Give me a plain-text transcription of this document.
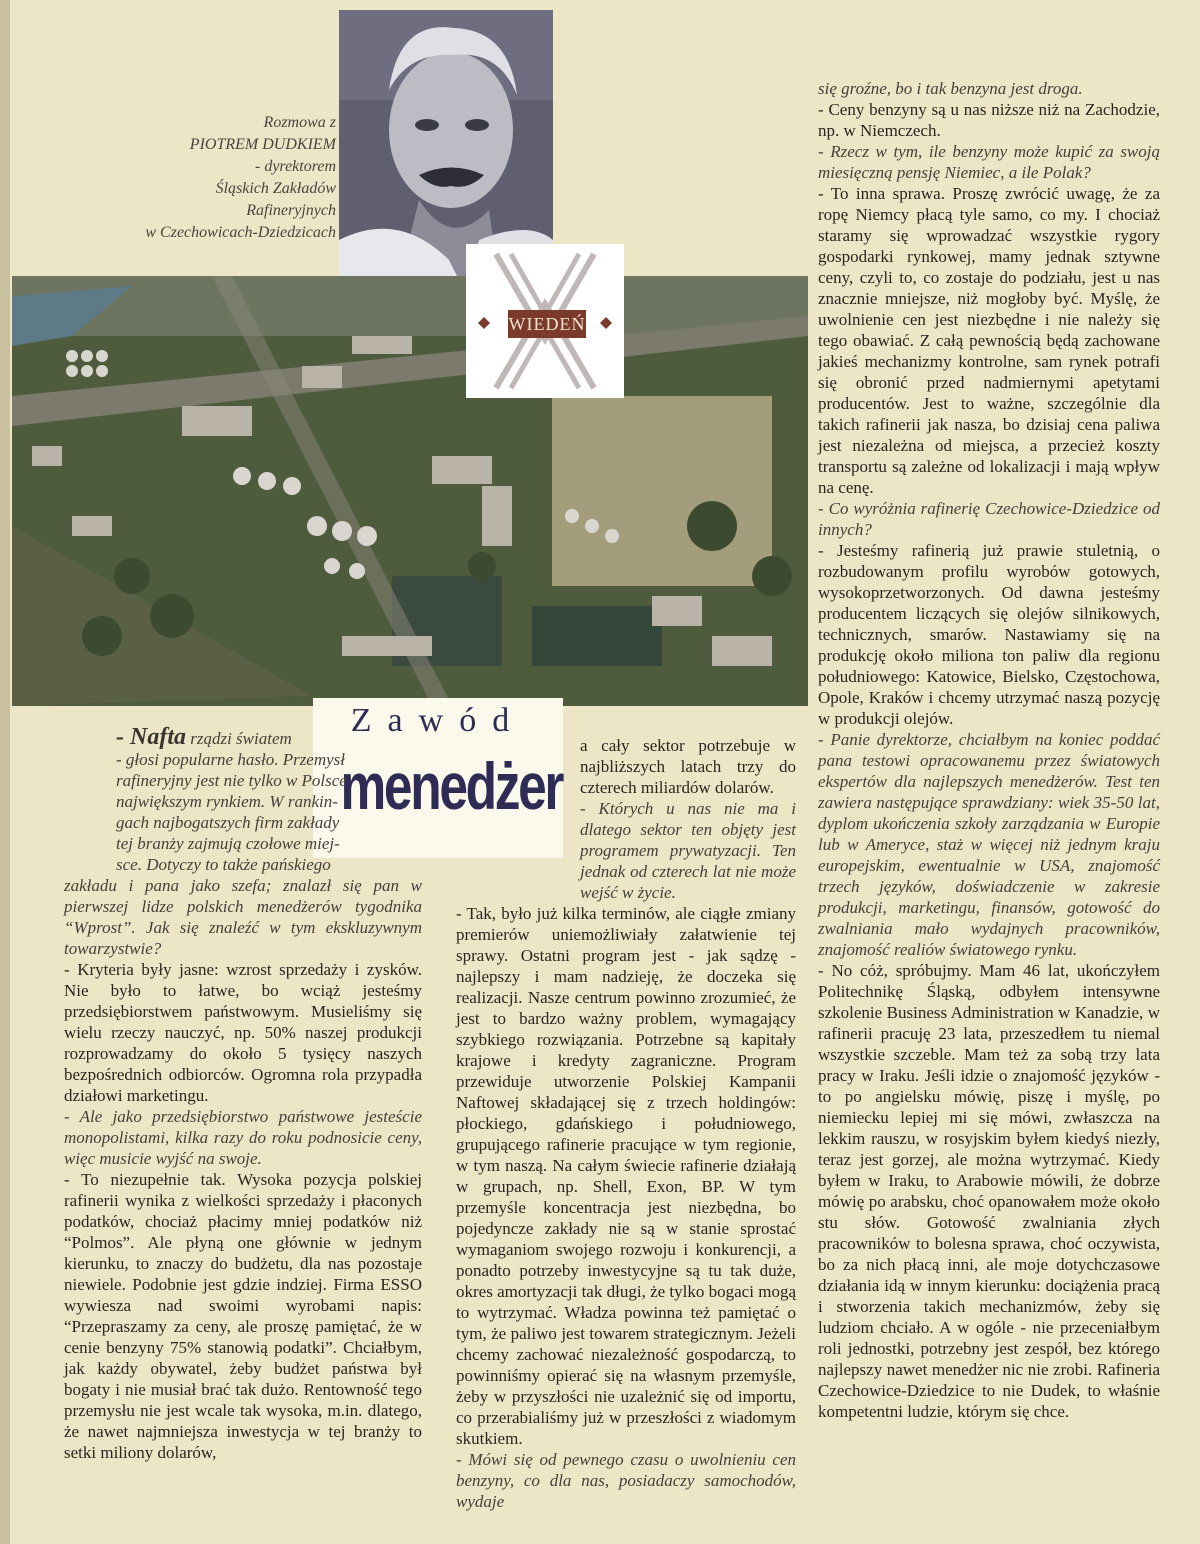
Rozmowa z

PIOTREM DUDKIEM

- dyrektorem

Śląskich Zakładów

Rafineryjnych

w Czechowicach-Dziedzicach

WIEDEŃ
Zawód
menedżer

- Nafta rządzi światem

- głosi popularne hasło. Przemysł

rafineryjny jest nie tylko w Polsce

największym rynkiem. W rankin-

gach najbogatszych firm zakłady

tej branży zajmują czołowe miej-

sce. Dotyczy to także pańskiego

zakładu i pana jako szefa; znalazł się pan w pierwszej lidze polskich menedżerów tygodnika “Wprost”. Jak się znaleźć w tym ekskluzywnym towarzystwie?

- Kryteria były jasne: wzrost sprzedaży i zysków. Nie było to łatwe, bo wciąż jesteśmy przedsiębiorstwem państwowym. Musieliśmy się wielu rzeczy nauczyć, np. 50% naszej produkcji rozprowadzamy do około 5 tysięcy naszych bezpośrednich odbiorców. Ogromna rola przypadła działowi marketingu.

- Ale jako przedsiębiorstwo państwowe jesteście monopolistami, kilka razy do roku podnosicie ceny, więc musicie wyjść na swoje.

- To niezupełnie tak. Wysoka pozycja polskiej rafinerii wynika z wielkości sprzedaży i płaconych podatków, chociaż płacimy mniej podatków niż “Polmos”. Ale płyną one głównie w jednym kierunku, to znaczy do budżetu, dla nas pozostaje niewiele. Podobnie jest gdzie indziej. Firma ESSO wywiesza nad swoimi wyrobami napis: “Przepraszamy za ceny, ale proszę pamiętać, że w cenie benzyny 75% stanowią podatki”. Chciałbym, jak każdy obywatel, żeby budżet państwa był bogaty i nie musiał brać tak dużo. Rentowność tego przemysłu nie jest wcale tak wysoka, m.in. dlatego, że nawet najmniejsza inwestycja w tej branży to setki miliony dolarów,

a cały sektor potrzebuje w najbliższych latach trzy do czterech miliardów dolarów.

- Których u nas nie ma i dlatego sektor ten objęty jest programem prywatyzacji. Ten jednak od czterech lat nie może wejść w życie.

- Tak, było już kilka terminów, ale ciągłe zmiany premierów uniemożliwiały załatwienie tej sprawy. Ostatni program jest - jak sądzę - najlepszy i mam nadzieję, że doczeka się realizacji. Nasze centrum powinno zrozumieć, że jest to bardzo ważny problem, wymagający szybkiego rozwiązania. Potrzebne są kapitały krajowe i kredyty zagraniczne. Program przewiduje utworzenie Polskiej Kampanii Naftowej składającej się z trzech holdingów: płockiego, gdańskiego i południowego, grupującego rafinerie pracujące w tym regionie, w tym naszą. Na całym świecie rafinerie działają w grupach, np. Shell, Exon, BP. W tym przemyśle koncentracja jest niezbędna, bo pojedyncze zakłady nie są w stanie sprostać wymaganiom swojego rozwoju i konkurencji, a ponadto potrzeby inwestycyjne są tu tak duże, okres amortyzacji tak długi, że tylko bogaci mogą to wytrzymać. Władza powinna też pamiętać o tym, że paliwo jest towarem strategicznym. Jeżeli chcemy zachować niezależność gospodarczą, to powinniśmy opierać się na własnym przemyśle, żeby w przyszłości nie uzależnić się od importu, co przerabialiśmy już w przeszłości z wiadomym skutkiem.

- Mówi się od pewnego czasu o uwolnieniu cen benzyny, co dla nas, posiadaczy samochodów, wydaje

się groźne, bo i tak benzyna jest droga.

- Ceny benzyny są u nas niższe niż na Zachodzie, np. w Niemczech.

- Rzecz w tym, ile benzyny może kupić za swoją miesięczną pensję Niemiec, a ile Polak?

- To inna sprawa. Proszę zwrócić uwagę, że za ropę Niemcy płacą tyle samo, co my. I chociaż staramy się wprowadzać wszystkie rygory gospodarki rynkowej, mamy jednak sztywne ceny, czyli to, co zostaje do podziału, jest u nas znacznie mniejsze, niż mogłoby być. Myślę, że uwolnienie cen jest niezbędne i nie należy się tego obawiać. Z całą pewnością będą zachowane jakieś mechanizmy kontrolne, sam rynek potrafi się obronić przed nadmiernymi apetytami producentów. Jest to ważne, szczególnie dla takich rafinerii jak nasza, bo dzisiaj cena paliwa jest niezależna od miejsca, a przecież koszty transportu są zależne od lokalizacji i mają wpływ na cenę.

- Co wyróżnia rafinerię Czechowice-Dziedzice od innych?

- Jesteśmy rafinerią już prawie stuletnią, o rozbudowanym profilu wyrobów gotowych, wysokoprzetworzonych. Od dawna jesteśmy producentem liczących się olejów silnikowych, technicznych, smarów. Nastawiamy się na produkcję około miliona ton paliw dla regionu południowego: Katowice, Bielsko, Częstochowa, Opole, Kraków i chcemy utrzymać naszą pozycję w produkcji olejów.

- Panie dyrektorze, chciałbym na koniec poddać pana testowi opracowanemu przez światowych ekspertów dla najlepszych menedżerów. Test ten zawiera następujące sprawdziany: wiek 35-50 lat, dyplom ukończenia szkoły zarządzania w Europie lub w Ameryce, staż w więcej niż jednym kraju europejskim, ewentualnie w USA, znajomość trzech języków, doświadczenie w zakresie produkcji, marketingu, finansów, gotowość do zwalniania mało wydajnych pracowników, znajomość realiów światowego rynku.

- No cóż, spróbujmy. Mam 46 lat, ukończyłem Politechnikę Śląską, odbyłem intensywne szkolenie Business Administration w Kanadzie, w rafinerii pracuję 23 lata, przeszedłem tu niemal wszystkie szczeble. Mam też za sobą trzy lata pracy w Iraku. Jeśli idzie o znajomość języków - to po angielsku mówię, piszę i myślę, po niemiecku lepiej mi się mówi, zwłaszcza na lekkim rauszu, w rosyjskim byłem kiedyś niezły, teraz jest gorzej, ale można wytrzymać. Kiedy byłem w Iraku, to Arabowie mówili, że dobrze mówię po arabsku, choć opanowałem może około stu słów. Gotowość zwalniania złych pracowników to bolesna sprawa, choć oczywista, bo za nich płacą inni, ale moje dotychczasowe działania idą w innym kierunku: dociążenia pracą i stworzenia takich mechanizmów, żeby się ludziom chciało. A w ogóle - nie przeceniałbym roli jednostki, potrzebny jest zespół, bez którego najlepszy nawet menedżer nic nie zrobi. Rafineria Czechowice-Dziedzice to nie Dudek, to właśnie kompetentni ludzie, którym się chce.
